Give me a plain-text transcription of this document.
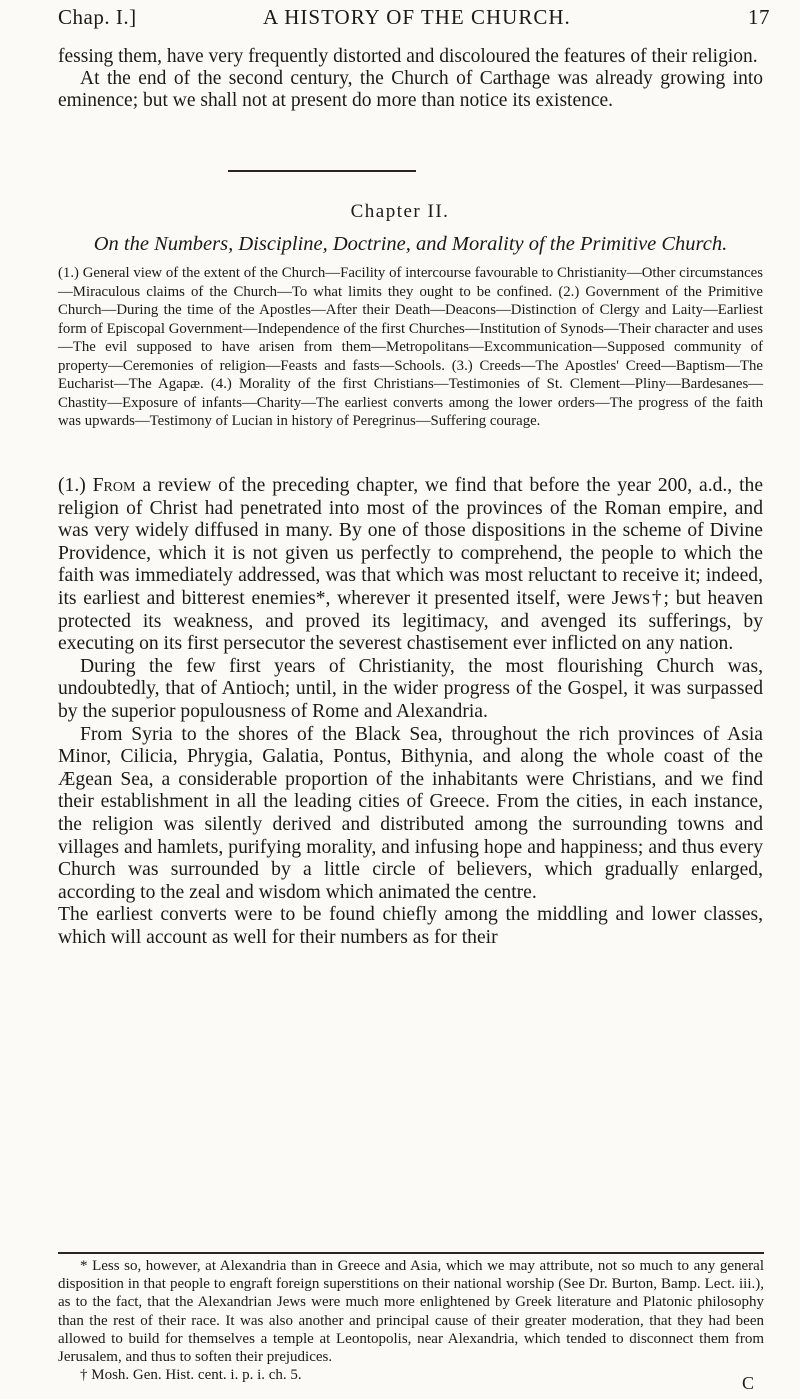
Chap. I.]	A HISTORY OF THE CHURCH.	17

fessing them, have very frequently distorted and discoloured the features of their religion.

At the end of the second century, the Church of Carthage was already growing into eminence; but we shall not at present do more than notice its existence.

Chapter II.
On the Numbers, Discipline, Doctrine, and Morality of the Primitive Church.
(1.) General view of the extent of the Church—Facility of intercourse favourable to Christianity—Other circumstances—Miraculous claims of the Church—To what limits they ought to be confined. (2.) Government of the Primitive Church—During the time of the Apostles—After their Death—Deacons—Distinction of Clergy and Laity—Earliest form of Episcopal Government—Independence of the first Churches—Institution of Synods—Their character and uses—The evil supposed to have arisen from them—Metropolitans—Excommunication—Supposed community of property—Ceremonies of religion—Feasts and fasts—Schools. (3.) Creeds—The Apostles' Creed—Baptism—The Eucharist—The Agapæ. (4.) Morality of the first Christians—Testimonies of St. Clement—Pliny—Bardesanes—Chastity—Exposure of infants—Charity—The earliest converts among the lower orders—The progress of the faith was upwards—Testimony of Lucian in history of Peregrinus—Suffering courage.

(1.) From a review of the preceding chapter, we find that before the year 200, a.d., the religion of Christ had penetrated into most of the provinces of the Roman empire, and was very widely diffused in many. By one of those dispositions in the scheme of Divine Providence, which it is not given us perfectly to comprehend, the people to which the faith was immediately addressed, was that which was most reluctant to receive it; indeed, its earliest and bitterest enemies*, wherever it presented itself, were Jews†; but heaven protected its weakness, and proved its legitimacy, and avenged its sufferings, by executing on its first persecutor the severest chastisement ever inflicted on any nation.

During the few first years of Christianity, the most flourishing Church was, undoubtedly, that of Antioch; until, in the wider progress of the Gospel, it was surpassed by the superior populousness of Rome and Alexandria.

From Syria to the shores of the Black Sea, throughout the rich provinces of Asia Minor, Cilicia, Phrygia, Galatia, Pontus, Bithynia, and along the whole coast of the Ægean Sea, a considerable proportion of the inhabitants were Christians, and we find their establishment in all the leading cities of Greece. From the cities, in each instance, the religion was silently derived and distributed among the surrounding towns and villages and hamlets, purifying morality, and infusing hope and happiness; and thus every Church was surrounded by a little circle of believers, which gradually enlarged, according to the zeal and wisdom which animated the centre.

The earliest converts were to be found chiefly among the middling and lower classes, which will account as well for their numbers as for their

* Less so, however, at Alexandria than in Greece and Asia, which we may attribute, not so much to any general disposition in that people to engraft foreign superstitions on their national worship (See Dr. Burton, Bamp. Lect. iii.), as to the fact, that the Alexandrian Jews were much more enlightened by Greek literature and Platonic philosophy than the rest of their race. It was also another and principal cause of their greater moderation, that they had been allowed to build for themselves a temple at Leontopolis, near Alexandria, which tended to disconnect them from Jerusalem, and thus to soften their prejudices.

† Mosh. Gen. Hist. cent. i. p. i. ch. 5.	C
